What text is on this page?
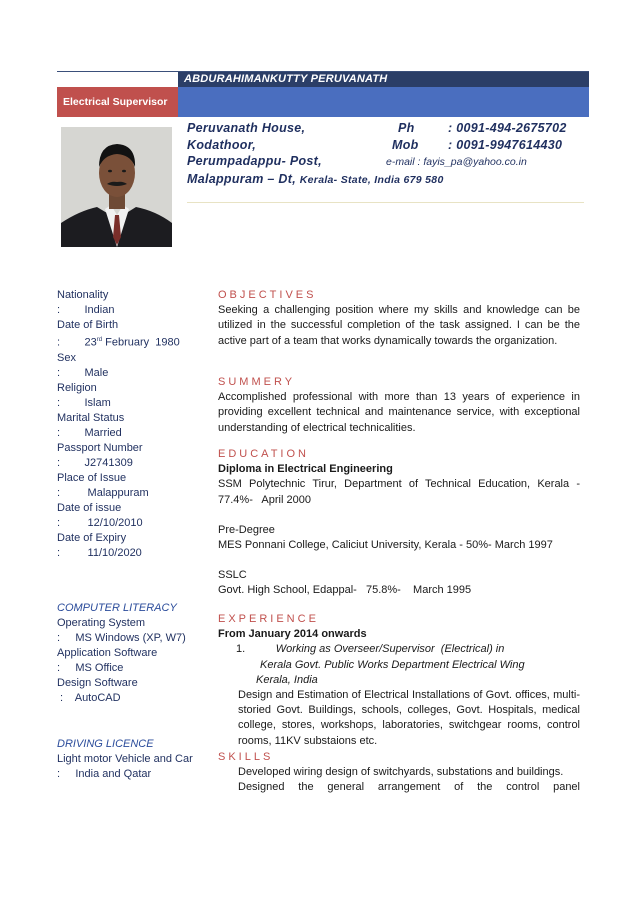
ABDURAHIMANKUTTY PERUVANATH
Electrical Supervisor
Peruvanath House,
Kodathoor,
Perumpadappu- Post,
Malappuram – Dt, Kerala- State, India 679 580
Ph	: 0091-494-2675702
Mob : 0091-9947614430
e-mail : fayis_pa@yahoo.co.in
Nationality
:        Indian
Date of Birth
:        23rd February  1980
Sex
:        Male
Religion
:        Islam
Marital Status
:        Married
Passport Number
:        J2741309
Place of Issue
:         Malappuram
Date of issue
:         12/10/2010
Date of Expiry
:         11/10/2020
COMPUTER LITERACY
Operating System
:     MS Windows (XP, W7)
Application Software
:     MS Office
Design Software
:    AutoCAD
DRIVING LICENCE
Light motor Vehicle and Car
:     India and Qatar
OBJECTIVES
Seeking a challenging position where my skills and knowledge can be utilized in the successful completion of the task assigned. I can be the active part of a team that works dynamically towards the organization.
SUMMERY
Accomplished professional with more than 13 years of experience in providing excellent technical and maintenance service, with exceptional understanding of electrical technicalities.
EDUCATION
Diploma in Electrical Engineering
SSM Polytechnic Tirur, Department of Technical Education, Kerala -   77.4%-   April 2000
Pre-Degree
MES Ponnani College, Caliciut University, Kerala - 50%- March 1997
SSLC
Govt. High School, Edappal-   75.8%-    March 1995
EXPERIENCE
From January 2014 onwards
1.	Working as Overseer/Supervisor  (Electrical) in
Kerala Govt. Public Works Department Electrical Wing
Kerala, India
Design and Estimation of Electrical Installations of Govt. offices, multi-storied Govt. Buildings, schools, colleges, Govt. Hospitals, medical college, stores, workshops, laboratories, switchgear rooms, control rooms, 11KV substaions etc.
SKILLS
Developed wiring design of switchyards, substations and buildings.
Designed the general arrangement of the control panel
